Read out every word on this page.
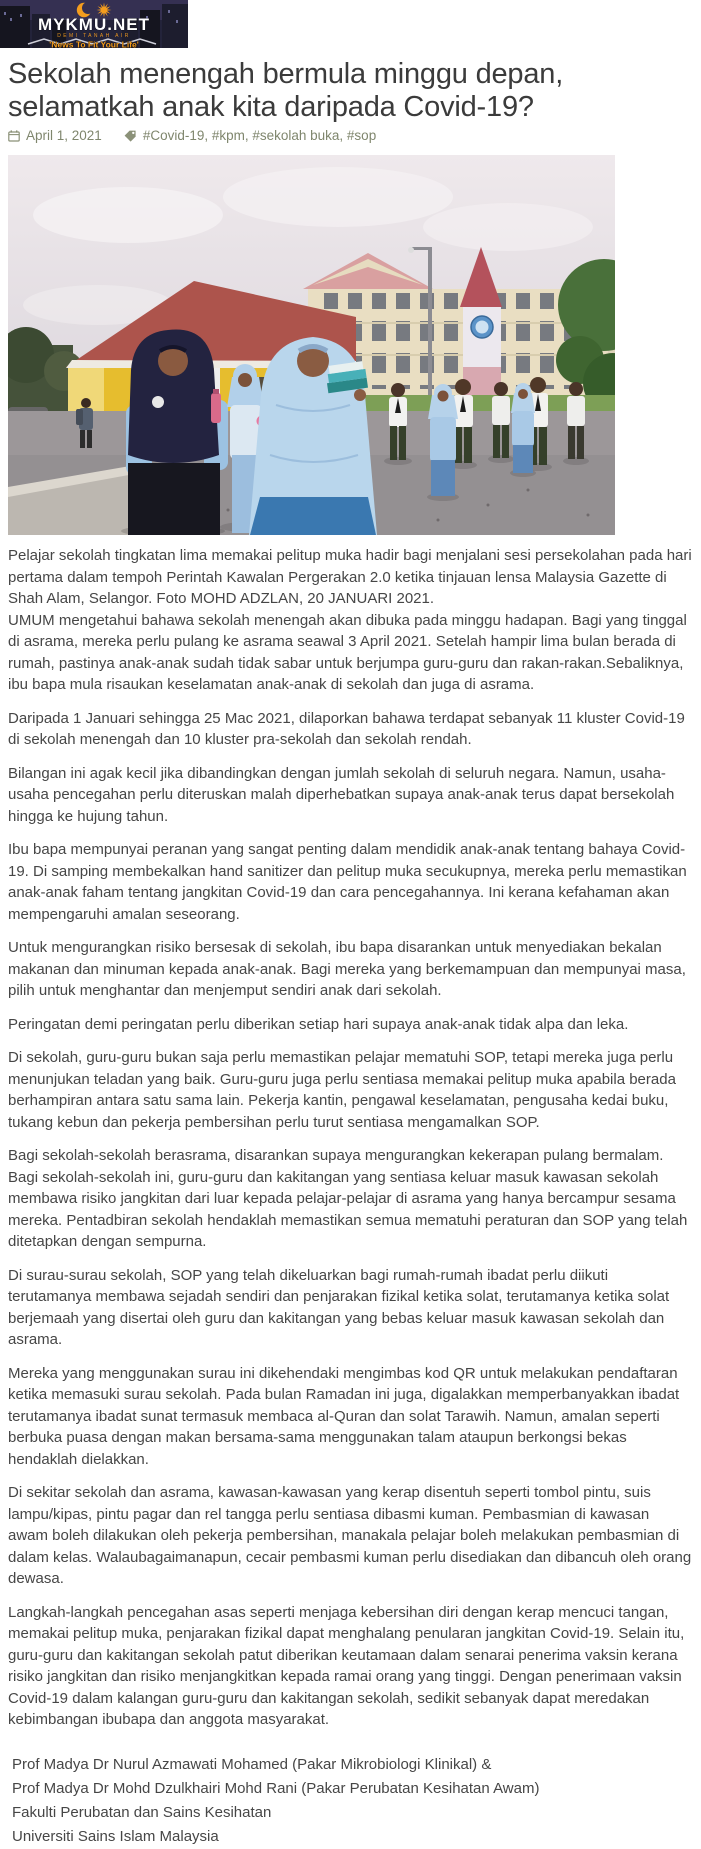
MYKMU.NET
DEMI TANAH AIR
'News To Fit Your Life'
Sekolah menengah bermula minggu depan, selamatkah anak kita daripada Covid-19?
April 1, 2021	#Covid-19, #kpm, #sekolah buka, #sop

Pelajar sekolah tingkatan lima memakai pelitup muka hadir bagi menjalani sesi persekolahan pada hari pertama dalam tempoh Perintah Kawalan Pergerakan 2.0 ketika tinjauan lensa Malaysia Gazette di Shah Alam, Selangor. Foto MOHD ADZLAN, 20 JANUARI 2021.

UMUM mengetahui bahawa sekolah menengah akan dibuka pada minggu hadapan. Bagi yang tinggal di asrama, mereka perlu pulang ke asrama seawal 3 April 2021. Setelah hampir lima bulan berada di rumah, pastinya anak-anak sudah tidak sabar untuk berjumpa guru-guru dan rakan-rakan.Sebaliknya, ibu bapa mula risaukan keselamatan anak-anak di sekolah dan juga di asrama.

Daripada 1 Januari sehingga 25 Mac 2021, dilaporkan bahawa terdapat sebanyak 11 kluster Covid-19 di sekolah menengah dan 10 kluster pra-sekolah dan sekolah rendah.

Bilangan ini agak kecil jika dibandingkan dengan jumlah sekolah di seluruh negara. Namun, usaha-usaha pencegahan perlu diteruskan malah diperhebatkan supaya anak-anak terus dapat bersekolah hingga ke hujung tahun.

Ibu bapa mempunyai peranan yang sangat penting dalam mendidik anak-anak tentang bahaya Covid-19. Di samping membekalkan hand sanitizer dan pelitup muka secukupnya, mereka perlu memastikan anak-anak faham tentang jangkitan Covid-19 dan cara pencegahannya. Ini kerana kefahaman akan mempengaruhi amalan seseorang.

Untuk mengurangkan risiko bersesak di sekolah, ibu bapa disarankan untuk menyediakan bekalan makanan dan minuman kepada anak-anak. Bagi mereka yang berkemampuan dan mempunyai masa, pilih untuk menghantar dan menjemput sendiri anak dari sekolah.

Peringatan demi peringatan perlu diberikan setiap hari supaya anak-anak tidak alpa dan leka.

Di sekolah, guru-guru bukan saja perlu memastikan pelajar mematuhi SOP, tetapi mereka juga perlu menunjukan teladan yang baik. Guru-guru juga perlu sentiasa memakai pelitup muka apabila berada berhampiran antara satu sama lain. Pekerja kantin, pengawal keselamatan, pengusaha kedai buku, tukang kebun dan pekerja pembersihan perlu turut sentiasa mengamalkan SOP.

Bagi sekolah-sekolah berasrama, disarankan supaya mengurangkan kekerapan pulang bermalam. Bagi sekolah-sekolah ini, guru-guru dan kakitangan yang sentiasa keluar masuk kawasan sekolah membawa risiko jangkitan dari luar kepada pelajar-pelajar di asrama yang hanya bercampur sesama mereka. Pentadbiran sekolah hendaklah memastikan semua mematuhi peraturan dan SOP yang telah ditetapkan dengan sempurna.

Di surau-surau sekolah, SOP yang telah dikeluarkan bagi rumah-rumah ibadat perlu diikuti terutamanya membawa sejadah sendiri dan penjarakan fizikal ketika solat, terutamanya ketika solat berjemaah yang disertai oleh guru dan kakitangan yang bebas keluar masuk kawasan sekolah dan asrama.

Mereka yang menggunakan surau ini dikehendaki mengimbas kod QR untuk melakukan pendaftaran ketika memasuki surau sekolah. Pada bulan Ramadan ini juga, digalakkan memperbanyakkan ibadat terutamanya ibadat sunat termasuk membaca al-Quran dan solat Tarawih. Namun, amalan seperti berbuka puasa dengan makan bersama-sama menggunakan talam ataupun berkongsi bekas hendaklah dielakkan.

Di sekitar sekolah dan asrama, kawasan-kawasan yang kerap disentuh seperti tombol pintu, suis lampu/kipas, pintu pagar dan rel tangga perlu sentiasa dibasmi kuman. Pembasmian di kawasan awam boleh dilakukan oleh pekerja pembersihan, manakala pelajar boleh melakukan pembasmian di dalam kelas. Walaubagaimanapun, cecair pembasmi kuman perlu disediakan dan dibancuh oleh orang dewasa.

Langkah-langkah pencegahan asas seperti menjaga kebersihan diri dengan kerap mencuci tangan, memakai pelitup muka, penjarakan fizikal dapat menghalang penularan jangkitan Covid-19. Selain itu, guru-guru dan kakitangan sekolah patut diberikan keutamaan dalam senarai penerima vaksin kerana risiko jangkitan dan risiko menjangkitkan kepada ramai orang yang tinggi. Dengan penerimaan vaksin Covid-19 dalam kalangan guru-guru dan kakitangan sekolah, sedikit sebanyak dapat meredakan kebimbangan ibubapa dan anggota masyarakat.

Prof Madya Dr Nurul Azmawati Mohamed (Pakar Mikrobiologi Klinikal) &

Prof Madya Dr Mohd Dzulkhairi Mohd Rani (Pakar Perubatan Kesihatan Awam)

Fakulti Perubatan dan Sains Kesihatan

Universiti Sains Islam Malaysia
